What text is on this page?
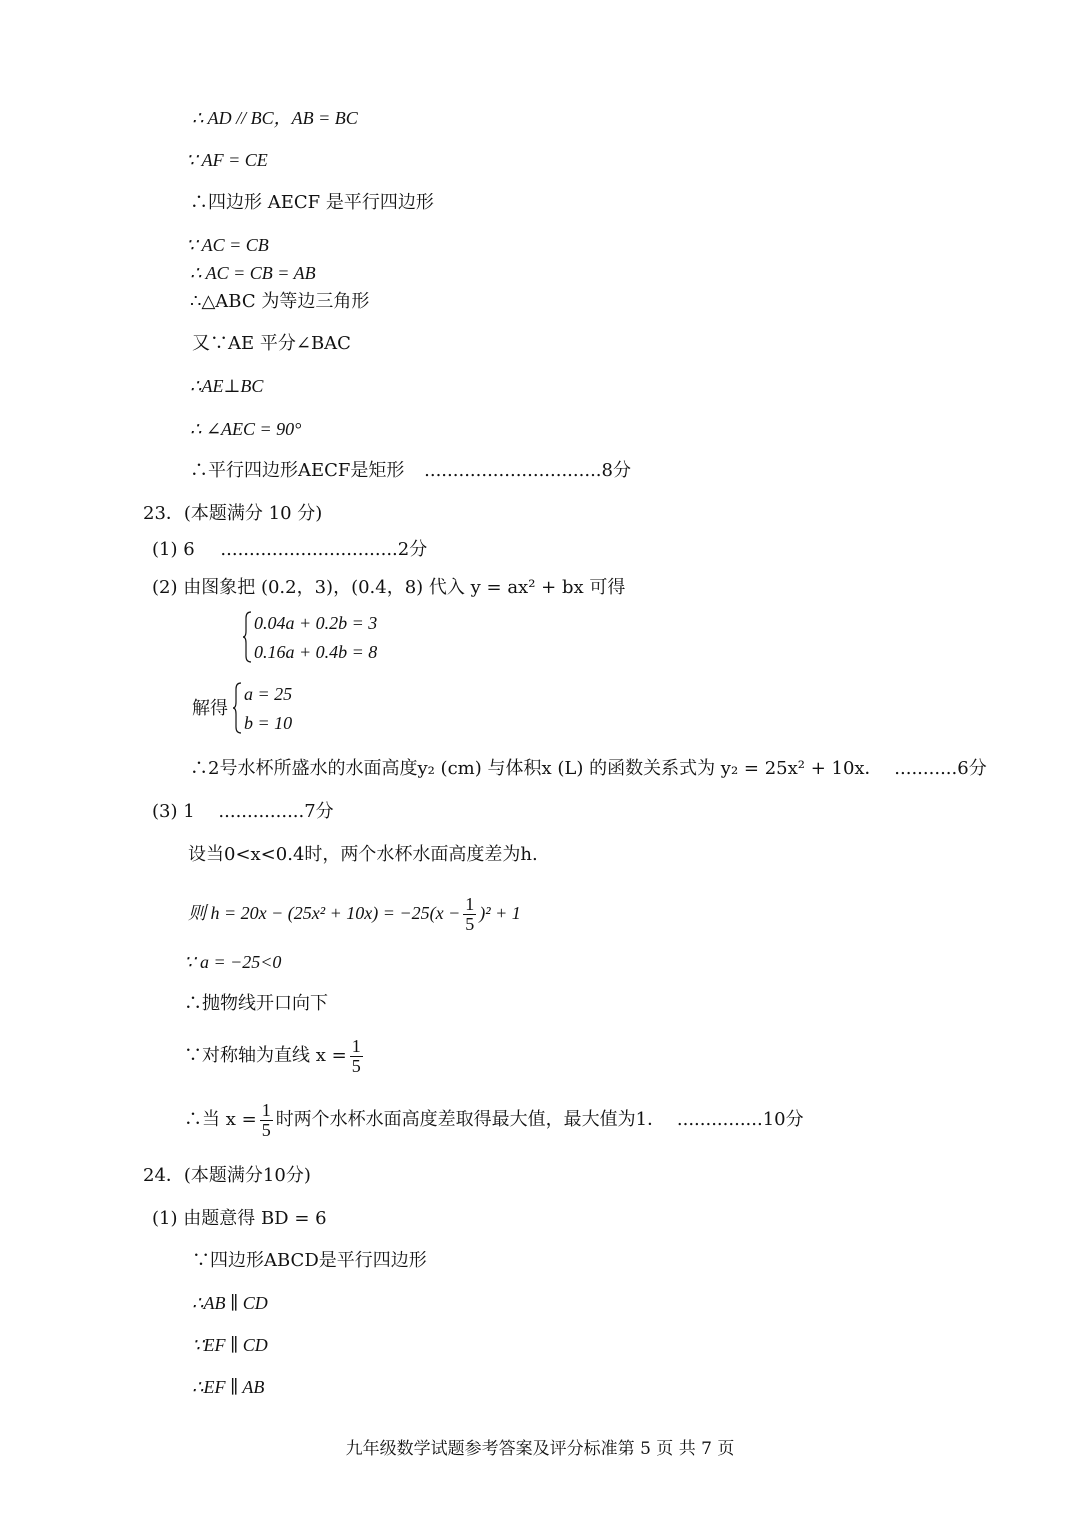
∴ AD // BC，AB = BC
∵ AF = CE
∴四边形 AECF 是平行四边形
∵ AC = CB
∴ AC = CB = AB
∴△ABC 为等边三角形
又∵AE 平分∠BAC
∴AE⊥BC
∴ ∠AEC = 90°
∴平行四边形AECF是矩形 ...............................8分
23．(本题满分 10 分)
(1) 6 ...............................2分
(2) 由图象把 (0.2，3)，(0.4，8) 代入 y = ax² + bx 可得
0.04a + 0.2b = 3
0.16a + 0.4b = 8
解得
a = 25
b = 10
∴2号水杯所盛水的水面高度y₂ (cm) 与体积x (L) 的函数关系式为 y₂ = 25x² + 10x． ...........6分
(3) 1 ...............7分
设当0<x<0.4时，两个水杯水面高度差为h.
则 $h = 20x - (25x^2 + 10x) = -25(x - \frac{1}{5} )^2 + 1$
∵ a = −25<0
∴抛物线开口向下
∵对称轴为直线 $x = \frac{1}{5}$
∴当 $x = \frac{1}{5}$ 时两个水杯水面高度差取得最大值，最大值为1． ...............10分
24．(本题满分10分)
(1) 由题意得 BD = 6
∵四边形ABCD是平行四边形
∴AB ∥ CD
∵EF ∥ CD
∴EF ∥ AB
九年级数学试题参考答案及评分标准第 5 页 共 7 页
